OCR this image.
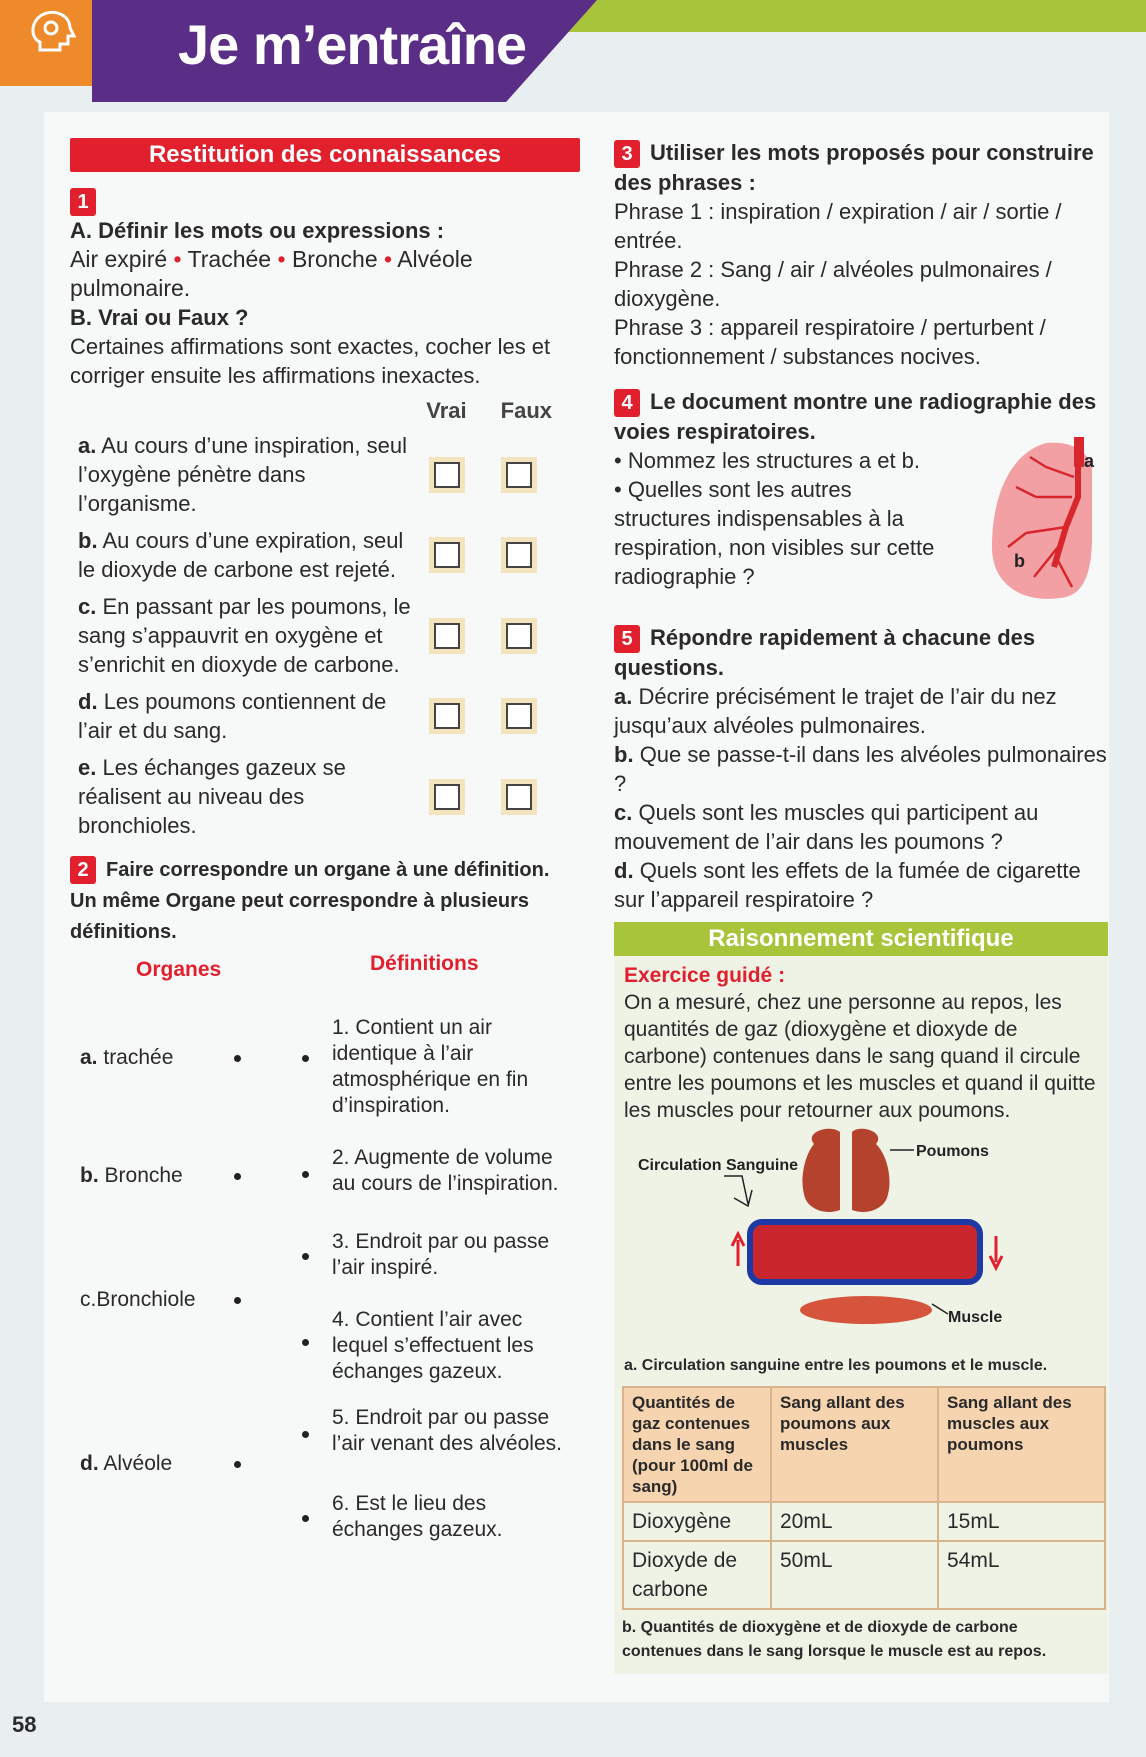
Je m’entraîne
Restitution des connaissances
1

A. Définir les mots ou expressions :

Air expiré • Trachée • Bronche • Alvéole pulmonaire.

B. Vrai ou Faux ?

Certaines affirmations sont exactes, cocher les et corriger ensuite les affirmations inexactes.

Vrai Faux
a. Au cours d’une inspiration, seul l’oxygène pénètre dans l’organisme.
b. Au cours d’une expiration, seul le dioxyde de carbone est rejeté.
c. En passant par les poumons, le sang s’appauvrit en oxygène et s’enrichit en dioxyde de carbone.
d. Les poumons contiennent de l’air et du sang.
e. Les échanges gazeux se réalisent au niveau des bronchioles.
2 Faire correspondre un organe à une définition. Un même Organe peut correspondre à plusieurs définitions.
Organes	Définitions
a. trachée
b. Bronche
c.Bronchiole
d. Alvéole
1. Contient un air identique à l’air atmosphérique en fin d’inspiration.
2. Augmente de volume au cours de l’inspiration.
3. Endroit par ou passe l’air inspiré.
4. Contient l’air avec lequel s’effectuent les échanges gazeux.
5. Endroit par ou passe l’air venant des alvéoles.
6. Est le lieu des échanges gazeux.

3 Utiliser les mots proposés pour construire des phrases :

Phrase 1 : inspiration / expiration / air / sortie / entrée.

Phrase 2 : Sang / air / alvéoles pulmonaires / dioxygène.

Phrase 3 : appareil respiratoire / perturbent / fonctionnement / substances nocives.

4 Le document montre une radiographie des voies respiratoires.

• Nommez les structures a et b.

• Quelles sont les autres structures indispensables à la respiration, non visibles sur cette radiographie ?

a
b

5 Répondre rapidement à chacune des questions.

a. Décrire précisément le trajet de l’air du nez jusqu’aux alvéoles pulmonaires.

b. Que se passe-t-il dans les alvéoles pulmonaires ?

c. Quels sont les muscles qui participent au mouvement de l’air dans les poumons ?

d. Quels sont les effets de la fumée de cigarette sur l’appareil respiratoire ?

Raisonnement scientifique

Exercice guidé :

On a mesuré, chez une personne au repos, les quantités de gaz (dioxygène et dioxyde de carbone) contenues dans le sang quand il circule entre les poumons et les muscles et quand il quitte les muscles pour retourner aux poumons.

Circulation Sanguine
Poumons
Muscle

a. Circulation sanguine entre les poumons et le muscle.

Quantités de gaz contenues dans le sang (pour 100ml de sang)	Sang allant des poumons aux muscles	Sang allant des muscles aux poumons
Dioxygène	20mL	15mL
Dioxyde de carbone	50mL	54mL

b. Quantités de dioxygène et de dioxyde de carbone contenues dans le sang lorsque le muscle est au repos.

58
